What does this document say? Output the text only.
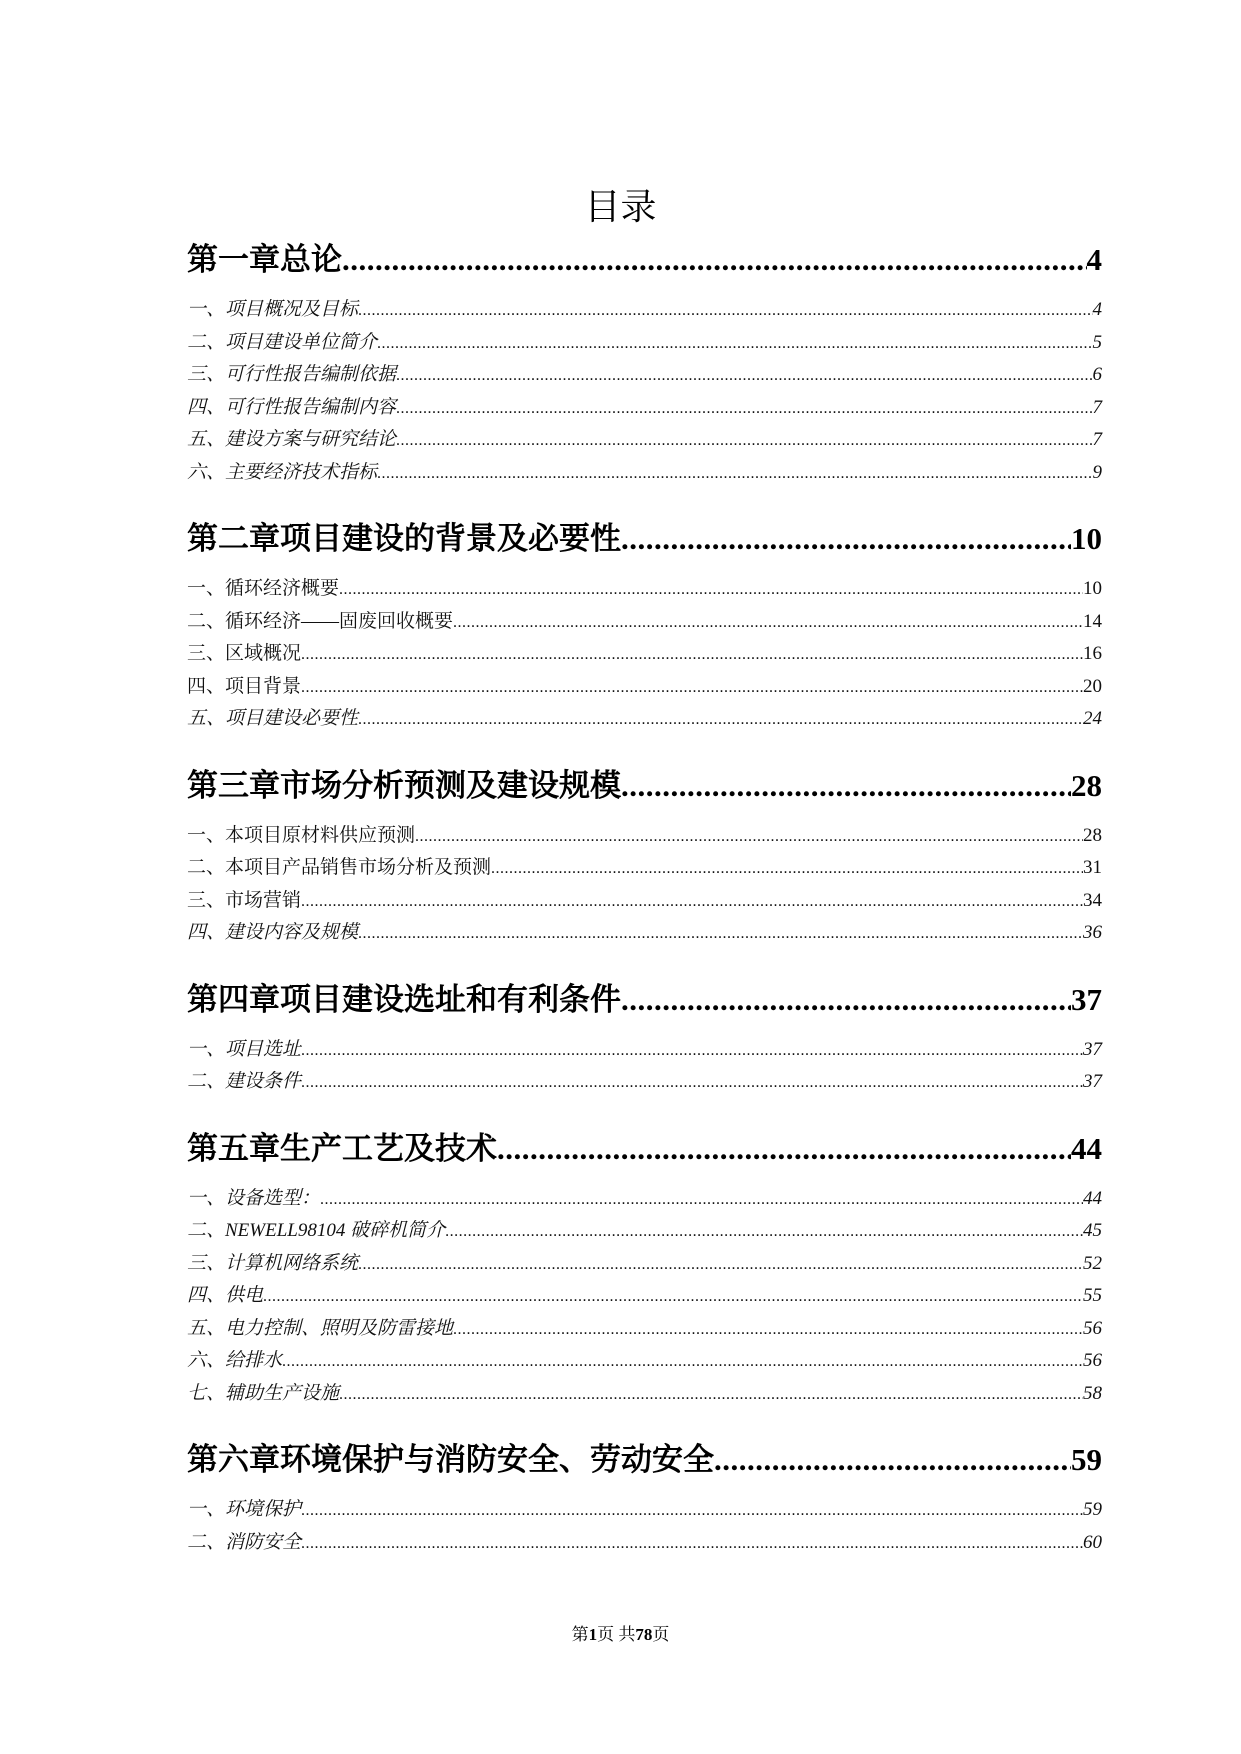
目录
第一章总论 .....	4
一、项目概况及目标 .....	4
二、项目建设单位简介 .....	5
三、可行性报告编制依据 .....	6
四、可行性报告编制内容 .....	7
五、建设方案与研究结论 .....	7
六、主要经济技术指标 .....	9
第二章项目建设的背景及必要性 .....	10
一、循环经济概要 .....	10
二、循环经济——固废回收概要 .....	14
三、区域概况 .....	16
四、项目背景 .....	20
五、项目建设必要性 .....	24
第三章市场分析预测及建设规模 .....	28
一、本项目原材料供应预测 .....	28
二、本项目产品销售市场分析及预测 .....	31
三、市场营销 .....	34
四、建设内容及规模 .....	36
第四章项目建设选址和有利条件 .....	37
一、项目选址 .....	37
二、建设条件 .....	37
第五章生产工艺及技术 .....	44
一、设备选型： .....	44
二、NEWELL98104 破碎机简介 .....	45
三、计算机网络系统 .....	52
四、供电 .....	55
五、电力控制、照明及防雷接地 .....	56
六、给排水 .....	56
七、辅助生产设施 .....	58
第六章环境保护与消防安全、劳动安全 .....	59
一、环境保护 .....	59
二、消防安全 .....	60
第1页 共78页
